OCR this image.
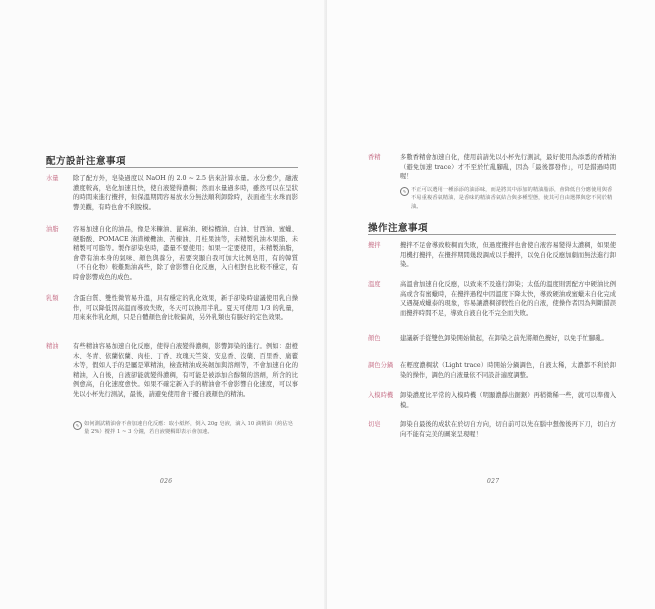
配方設計注意事項
水量	除了配方外，皂染過度以 NaOH 的 2.0 ~ 2.5 倍來計算水量。水分愈少，融液濃度較高，皂化加速且快，使自液變得濃稠；然而水量過多時，雖然可以在呈狀的時間來進行攪拌，但保溫期間容易放水分無法順利卸除時，表面產生水珠而影響美觀，有時也會不利脫模。
油脂	容易加速自化的油品，像是米糠油、蓖麻油、硬棕櫚油、白油、甘西油、蜜蠟、硬脂酸、POMACE 油渣橄欖油、苦楝油、月桂果油等，未精製乳油木果脂、未精製可可脂等。製作卻染皂時，盡量不要使用；如果一定要使用，未精製油脂，會帶有油本身的氣味、顏色與養分，若要突顯自我可加大比例皂用，有的韓質（不自化物）較難點油高些，除了會影響自化反應，入自相對也比較不穩定，有時會影響成色的成色。
乳類	含蛋白質、雙性微管易升溫，具有穩定的乳化效果，新手卻染時建議使用乳自操作，可以降低因高溫而導致失敗，冬天可以換用半乳。夏天可使用 1/3 的乳量，用來來作乳化劑，只是自體顏色會比較偏黃，另外乳類也有脹好的定色效果。
精油	有些精油容易加速自化反應，使得自液變得濃稠，影響卸染的進行。例如：甜橙木、冬青、依蘭依蘭、肉桂、丁香、玫瑰天竺葵、安息香、沒藥、百里香、廣藿木等，假如人手的是屬是單精油，檢查精油成英韌加與溶劑等，不會加速自化的精油，入自後，自液卻能就變得濃稠，有可能是被添加合醇類的溶劑，所含的比例愈高，自化速度愈快。如果不確定新入手的精油會不會影響自化速度，可以事先以小杯先行測試，最後，請避免使用會干擾自液顏色的精油。
✎ 如何測試精油會不會加速自化反應：取小紙杯，倒入 20g 皂液，滴入 10 滴精油（約佔皂量 2%）攪拌 1 ~ 3 分鐘，若自液變稠即表示會加速。
026
香精	多數香精會加速自化，使用前請先以小杯先行測試，最好使用為添悉的香精油（避免加速 trace）才不至於忙亂腳亂，因為「最後都發作」，可是錯過時間喔！
✎ 不正可以選用一種添添的油添味，而是將其中添加的精油脂添，會降低自分應使用與香不易重複香氣精油，是香味的精油香氣結合與多種型態，使其可自由選擇與您不同於精油。
操作注意事項
攪拌	攪拌不足會導致較稠而失敗，但過度攪拌也會使自液容易變得太濃稠，如果使用機打攪拌，在攪拌期間幾段調成以手攪拌，以免自化反應加劇而無法進行卸染。
溫度	高溫會加速自化反應，以致來不及進行卸染；太低的溫度則需配方中硬油比例高或含有蜜蠟時，在攪拌過程中因溫度下降太快，導致硬油或蜜蠟未自化完成又遇凝成蠟泰的現象，容易讓濃稠卻假性自化的自液，使操作者因為判斷錯誤而攪拌時間不足，導致自液自化不完全而失敗。
顏色	建議新手從雙色卸染開始做起，在卸染之前先將顏色攪好，以免手忙腳亂。
調色分鍋	在輕度濃稠狀（Light trace）時開始分鍋調色，自液太稀，太濃都不利於卸染的操作，調色的自液量依不同設計適度調整。
入模時機	卸染濃度比平常的入模時機（明顯濃靜出鋸鋸）再稍微稀一些，就可以準備入模。
切皂	卸染自最後的成狀在於切自方向，切自前可以先在腦中想像後再下刀，切自方向不能有完美的圖案呈現喔！
027
